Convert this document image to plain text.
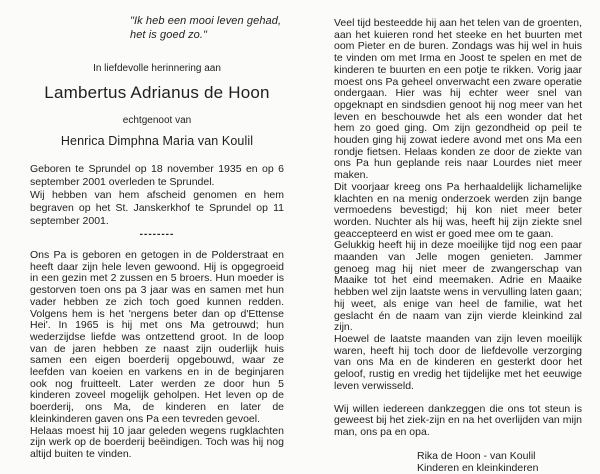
"Ik heb een mooi leven gehad,
het is goed zo."
In liefdevolle herinnering aan
Lambertus Adrianus de Hoon
echtgenoot van
Henrica Dimphna Maria van Koulil

Geboren te Sprundel op 18 november 1935 en op 6 september 2001 overleden te Sprundel.

Wij hebben van hem afscheid genomen en hem begraven op het St. Janskerkhof te Sprundel op 11 september 2001.

--------

Ons Pa is geboren en getogen in de Polderstraat en heeft daar zijn hele leven gewoond. Hij is opgegroeid in een gezin met 2 zussen en 5 broers. Hun moeder is gestorven toen ons pa 3 jaar was en samen met hun vader hebben ze zich toch goed kunnen redden. Volgens hem is het 'nergens beter dan op d'Ettense Hei'. In 1965 is hij met ons Ma getrouwd; hun wederzijdse liefde was ontzettend groot. In de loop van de jaren hebben ze naast zijn ouderlijk huis samen een eigen boerderij opgebouwd, waar ze leefden van koeien en varkens en in de beginjaren ook nog fruitteelt. Later werden ze door hun 5 kinderen zoveel mogelijk geholpen. Het leven op de boerderij, ons Ma, de kinderen en later de kleinkinderen gaven ons Pa een tevreden gevoel.

Helaas moest hij 10 jaar geleden wegens rugklachten zijn werk op de boerderij beëindigen. Toch was hij nog altijd buiten te vinden.

Veel tijd besteedde hij aan het telen van de groenten, aan het kuieren rond het steeke en het buurten met oom Pieter en de buren. Zondags was hij wel in huis te vinden om met Irma en Joost te spelen en met de kinderen te buurten en een potje te rikken. Vorig jaar moest ons Pa geheel onverwacht een zware operatie ondergaan. Hier was hij echter weer snel van opgeknapt en sindsdien genoot hij nog meer van het leven en beschouwde het als een wonder dat het hem zo goed ging. Om zijn gezondheid op peil te houden ging hij zowat iedere avond met ons Ma een rondje fietsen. Helaas konden ze door de ziekte van ons Pa hun geplande reis naar Lourdes niet meer maken.

Dit voorjaar kreeg ons Pa herhaaldelijk lichamelijke klachten en na menig onderzoek werden zijn bange vermoedens bevestigd; hij kon niet meer beter worden. Nuchter als hij was, heeft hij zijn ziekte snel geaccepteerd en wist er goed mee om te gaan.

Gelukkig heeft hij in deze moeilijke tijd nog een paar maanden van Jelle mogen genieten. Jammer genoeg mag hij niet meer de zwangerschap van Maaike tot het eind meemaken. Adrie en Maaike hebben wel zijn laatste wens in vervulling laten gaan; hij weet, als enige van heel de familie, wat het geslacht én de naam van zijn vierde kleinkind zal zijn.

Hoewel de laatste maanden van zijn leven moeilijk waren, heeft hij toch door de liefdevolle verzorging van ons Ma en de kinderen en gesterkt door het geloof, rustig en vredig het tijdelijke met het eeuwige leven verwisseld.

Wij willen iedereen dankzeggen die ons tot steun is geweest bij het ziek-zijn en na het overlijden van mijn man, ons pa en opa.

Rika de Hoon - van Koulil
Kinderen en kleinkinderen
